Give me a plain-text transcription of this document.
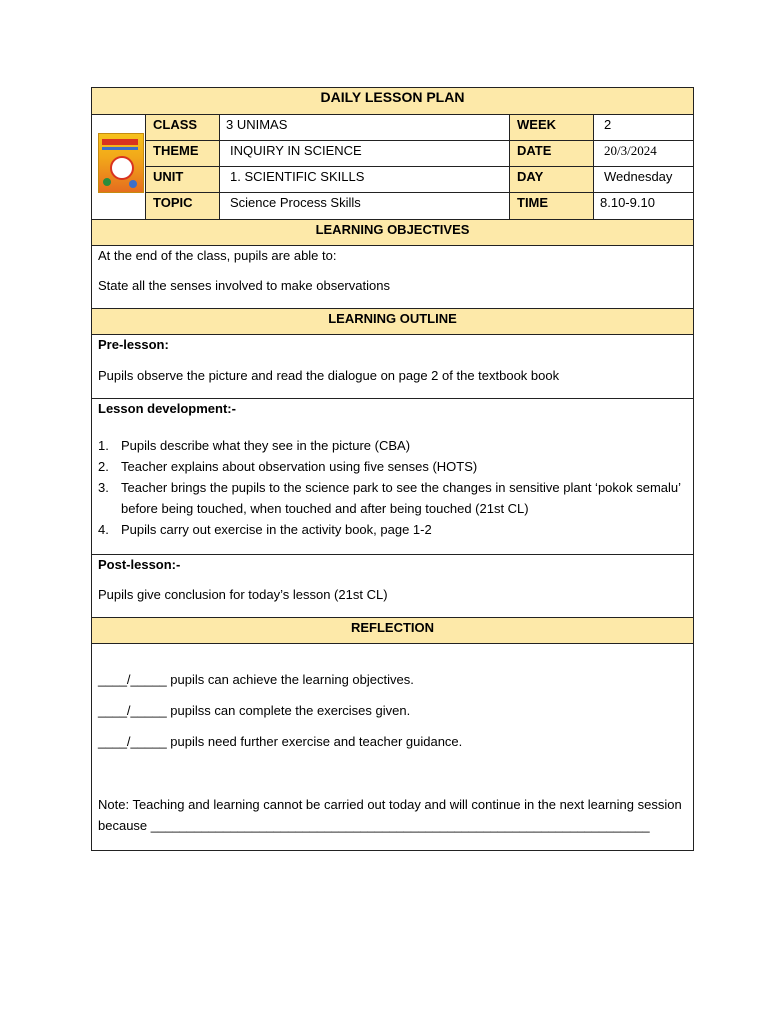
DAILY LESSON PLAN
CLASS	3 UNIMAS	WEEK	2
THEME	INQUIRY IN SCIENCE	DATE	20/3/2024
UNIT	1. SCIENTIFIC SKILLS	DAY	Wednesday
TOPIC	Science Process Skills	TIME	8.10-9.10
LEARNING OBJECTIVES

At the end of the class, pupils are able to:

State all the senses involved to make observations

LEARNING OUTLINE

Pre-lesson:

Pupils observe the picture and read the dialogue on page 2 of the textbook book

Lesson development:-

1. Pupils describe what they see in the picture (CBA)
2. Teacher explains about observation using five senses (HOTS)
3. Teacher brings the pupils to the science park to see the changes in sensitive plant ‘pokok semalu’ before being touched, when touched and after being touched (21st CL)
4. Pupils carry out exercise in the activity book, page 1-2

Post-lesson:-

Pupils give conclusion for today’s lesson (21st CL)

REFLECTION

____/_____ pupils can achieve the learning objectives.

____/_____ pupilss can complete the exercises given.

____/_____ pupils need further exercise and teacher guidance.

Note: Teaching and learning cannot be carried out today and will continue in the next learning session because _____________________________________________________________________
